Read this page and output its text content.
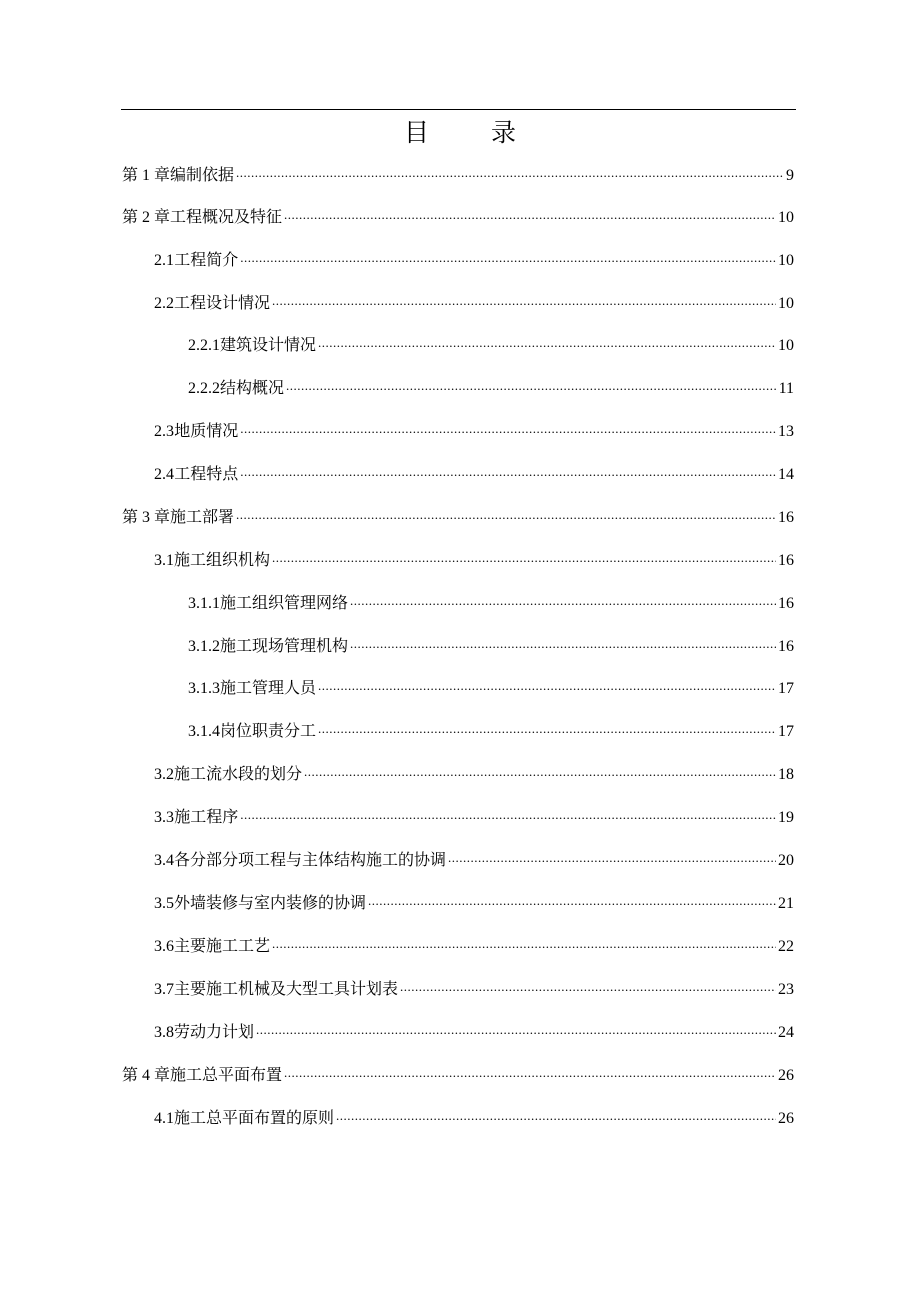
目 录
第 1 章 编制依据 .....	9
第 2 章 工程概况及特征 .....	10
2.1 工程简介 .....	10
2.2 工程设计情况 .....	10
2.2.1 建筑设计情况 .....	10
2.2.2 结构概况 .....	11
2.3 地质情况 .....	13
2.4 工程特点 .....	14
第 3 章 施工部署 .....	16
3.1 施工组织机构 .....	16
3.1.1 施工组织管理网络 .....	16
3.1.2 施工现场管理机构 .....	16
3.1.3 施工管理人员 .....	17
3.1.4 岗位职责分工 .....	17
3.2 施工流水段的划分 .....	18
3.3 施工程序 .....	19
3.4 各分部分项工程与主体结构施工的协调 .....	20
3.5 外墙装修与室内装修的协调 .....	21
3.6 主要施工工艺 .....	22
3.7 主要施工机械及大型工具计划表 .....	23
3.8 劳动力计划 .....	24
第 4 章 施工总平面布置 .....	26
4.1 施工总平面布置的原则 .....	26
